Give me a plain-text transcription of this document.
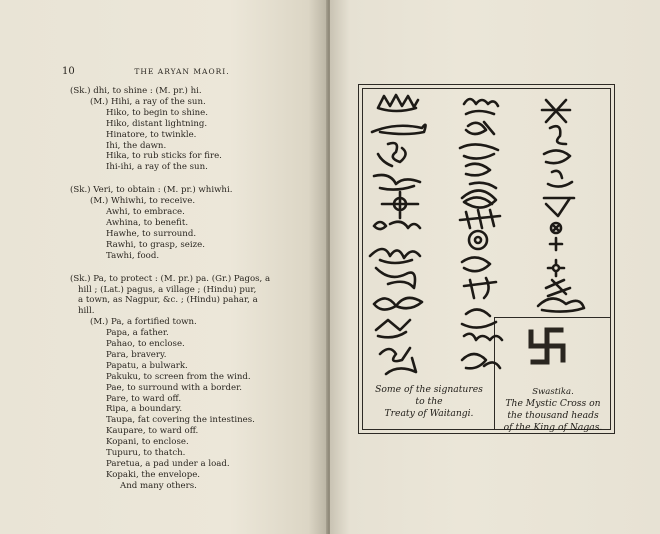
10	THE ARYAN MAORI.
(Sk.) dhi, to shine : (M. pr.) hi.
(M.) Hihi, a ray of the sun.
Hiko, to begin to shine.
Hiko, distant lightning.
Hinatore, to twinkle.
Ihi, the dawn.
Hika, to rub sticks for fire.
Ihi-ihi, a ray of the sun.
(Sk.) Veri, to obtain : (M. pr.) whiwhi.
(M.) Whiwhi, to receive.
Awhi, to embrace.
Awhina, to benefit.
Hawhe, to surround.
Rawhi, to grasp, seize.
Tawhi, food.
(Sk.) Pa, to protect : (M. pr.) pa. (Gr.) Pagos, a
hill ; (Lat.) pagus, a village ; (Hindu) pur,
a town, as Nagpur, &c. ; (Hindu) pahar, a
hill.
(M.) Pa, a fortified town.
Papa, a father.
Pahao, to enclose.
Para, bravery.
Papatu, a bulwark.
Pakuku, to screen from the wind.
Pae, to surround with a border.
Pare, to ward off.
Ripa, a boundary.
Taupa, fat covering the intestines.
Kaupare, to ward off.
Kopani, to enclose.
Tupuru, to thatch.
Paretua, a pad under a load.
Kopaki, the envelope.
And many others.
Some of the signatures
to the
Treaty of Waitangi.
Swastika.
The Mystic Cross on
the thousand heads
of the King of Nagas.
